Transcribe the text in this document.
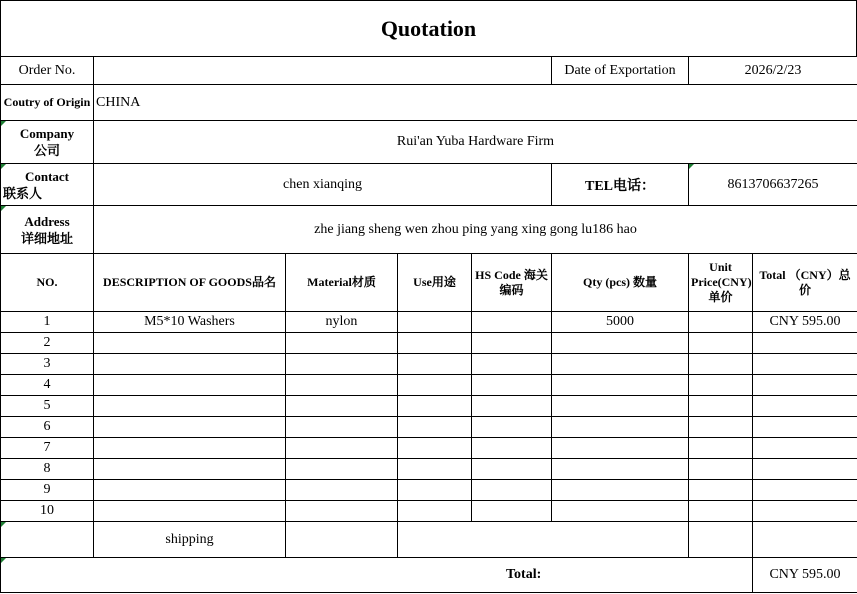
Quotation
Order No.					Date of Exportation	2026/2/23	
Coutry of Origin	CHINA						

Company
公司	Rui'an Yuba Hardware Firm						

Contact
联系人	chen xianqing				TEL电话：	8613706637265	

Address
详细地址	zhe jiang sheng wen zhou ping yang xing gong lu186 hao						
NO.	DESCRIPTION OF GOODS品名	Material材质	Use用途	HS Code 海关编码	Qty (pcs) 数量	Unit Price(CNY) 单价	Total （CNY）总价
1	M5*10 Washers	nylon			5000		CNY 595.00
2							
3							
4							
5							
6							
7							
8							
9							
10							
	shipping						
Total:							CNY 595.00
